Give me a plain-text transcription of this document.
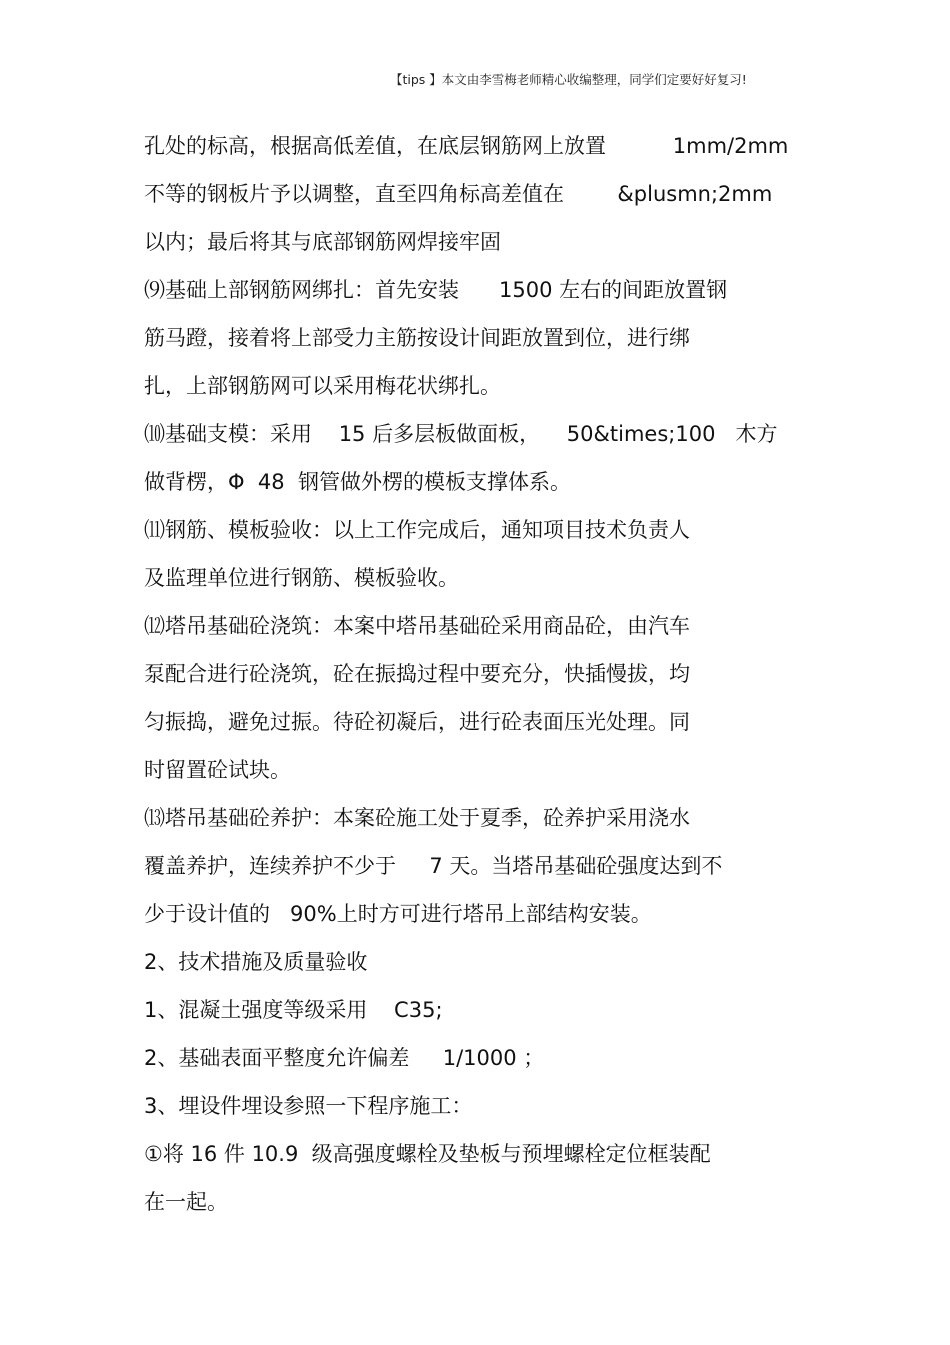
【tips 】本文由李雪梅老师精心收编整理，同学们定要好好复习!
孔处的标高，根据高低差值，在底层钢筋网上放置          1mm/2mm
不等的钢板片予以调整，直至四角标高差值在        &plusmn;2mm
以内；最后将其与底部钢筋网焊接牢固
⑼基础上部钢筋网绑扎：首先安装      1500 左右的间距放置钢
筋马蹬，接着将上部受力主筋按设计间距放置到位，进行绑
扎，上部钢筋网可以采用梅花状绑扎。
⑽基础支模：采用    15 后多层板做面板，    50&times;100   木方
做背楞，Φ  48  钢管做外楞的模板支撑体系。
⑾钢筋、模板验收：以上工作完成后，通知项目技术负责人
及监理单位进行钢筋、模板验收。
⑿塔吊基础砼浇筑：本案中塔吊基础砼采用商品砼，由汽车
泵配合进行砼浇筑，砼在振捣过程中要充分，快插慢拔，均
匀振捣，避免过振。待砼初凝后，进行砼表面压光处理。同
时留置砼试块。
⒀塔吊基础砼养护：本案砼施工处于夏季，砼养护采用浇水
覆盖养护，连续养护不少于     7 天。当塔吊基础砼强度达到不
少于设计值的   90%上时方可进行塔吊上部结构安装。
2、技术措施及质量验收
1、混凝土强度等级采用    C35;
2、基础表面平整度允许偏差     1/1000 ；
3、埋设件埋设参照一下程序施工：
①将 16 件 10.9  级高强度螺栓及垫板与预埋螺栓定位框装配
在一起。
